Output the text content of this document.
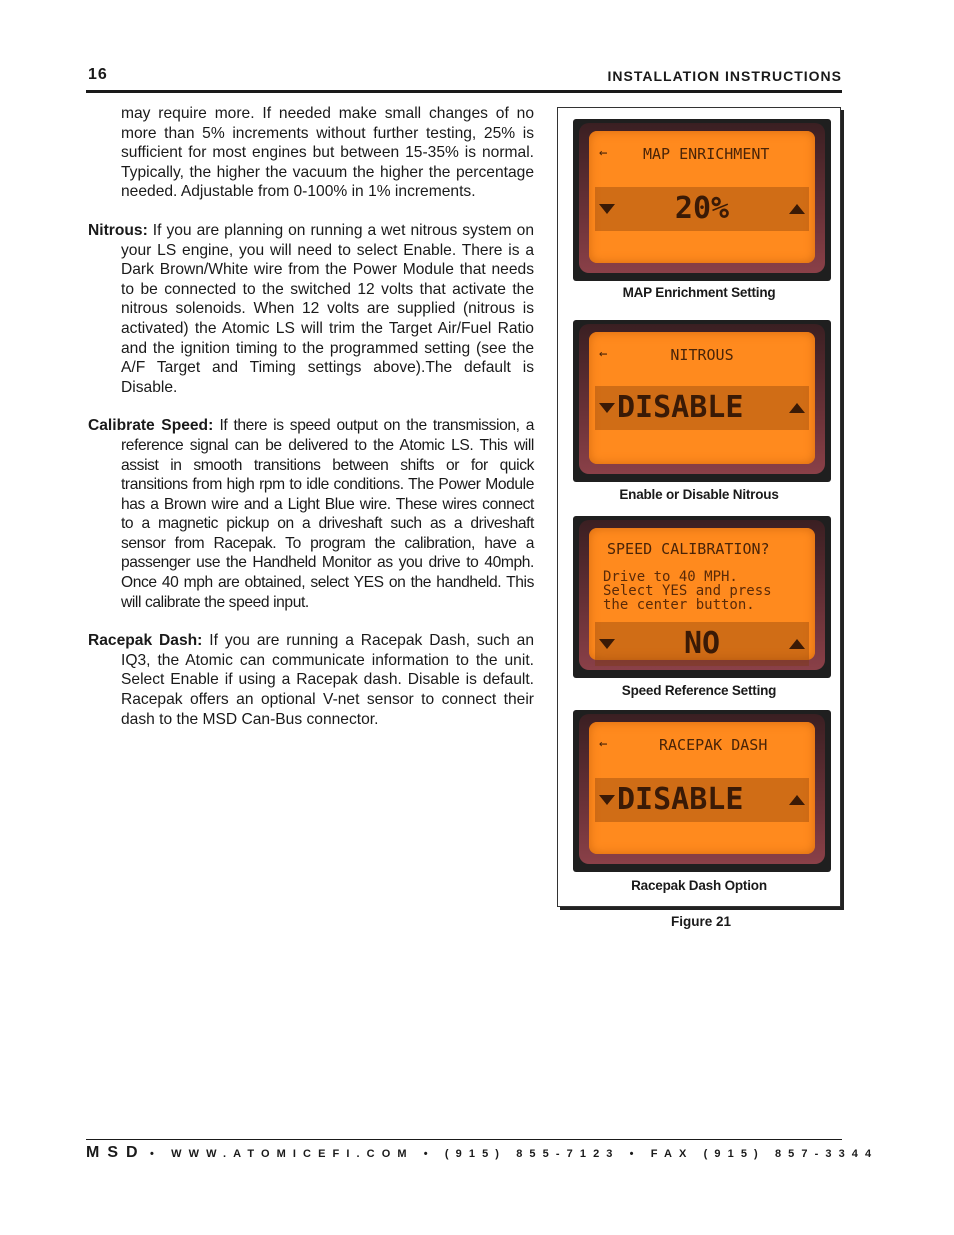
16	INSTALLATION INSTRUCTIONS

may require more. If needed make small changes of no more than 5% increments without further testing, 25% is sufficient for most engines but between 15-35% is normal. Typically, the higher the vacuum the higher the percentage needed. Adjustable from 0-100% in 1% increments.

Nitrous: If you are planning on running a wet nitrous system on your LS engine, you will need to select Enable. There is a Dark Brown/White wire from the Power Module that needs to be connected to the switched 12 volts that activate the nitrous solenoids. When 12 volts are supplied (nitrous is activated) the Atomic LS will trim the Target Air/Fuel Ratio and the ignition timing to the programmed setting (see the A/F Target and Timing settings above).The default is Disable.

Calibrate Speed: If there is speed output on the transmission, a reference signal can be delivered to the Atomic LS. This will assist in smooth transitions between shifts or for quick transitions from high rpm to idle conditions. The Power Module has a Brown wire and a Light Blue wire. These wires connect to a magnetic pickup on a driveshaft such as a driveshaft sensor from Racepak. To program the calibration, have a passenger use the Handheld Monitor as you drive to 40mph. Once 40 mph are obtained, select YES on the handheld. This will calibrate the speed input.

Racepak Dash: If you are running a Racepak Dash, such an IQ3, the Atomic can communicate information to the unit. Select Enable if using a Racepak dash. Disable is default. Racepak offers an optional V-net sensor to connect their dash to the MSD Can-Bus connector.

←	MAP ENRICHMENT
20%
MAP Enrichment Setting
←	NITROUS
DISABLE
Enable or Disable Nitrous
SPEED CALIBRATION?
Drive to 40 MPH.
Select YES and press
the center button.
NO
Speed Reference Setting
←	RACEPAK DASH
DISABLE
Racepak Dash Option
Figure 21
MSD • WWW.ATOMICEFI.COM • (915) 855-7123 • FAX (915) 857-3344
